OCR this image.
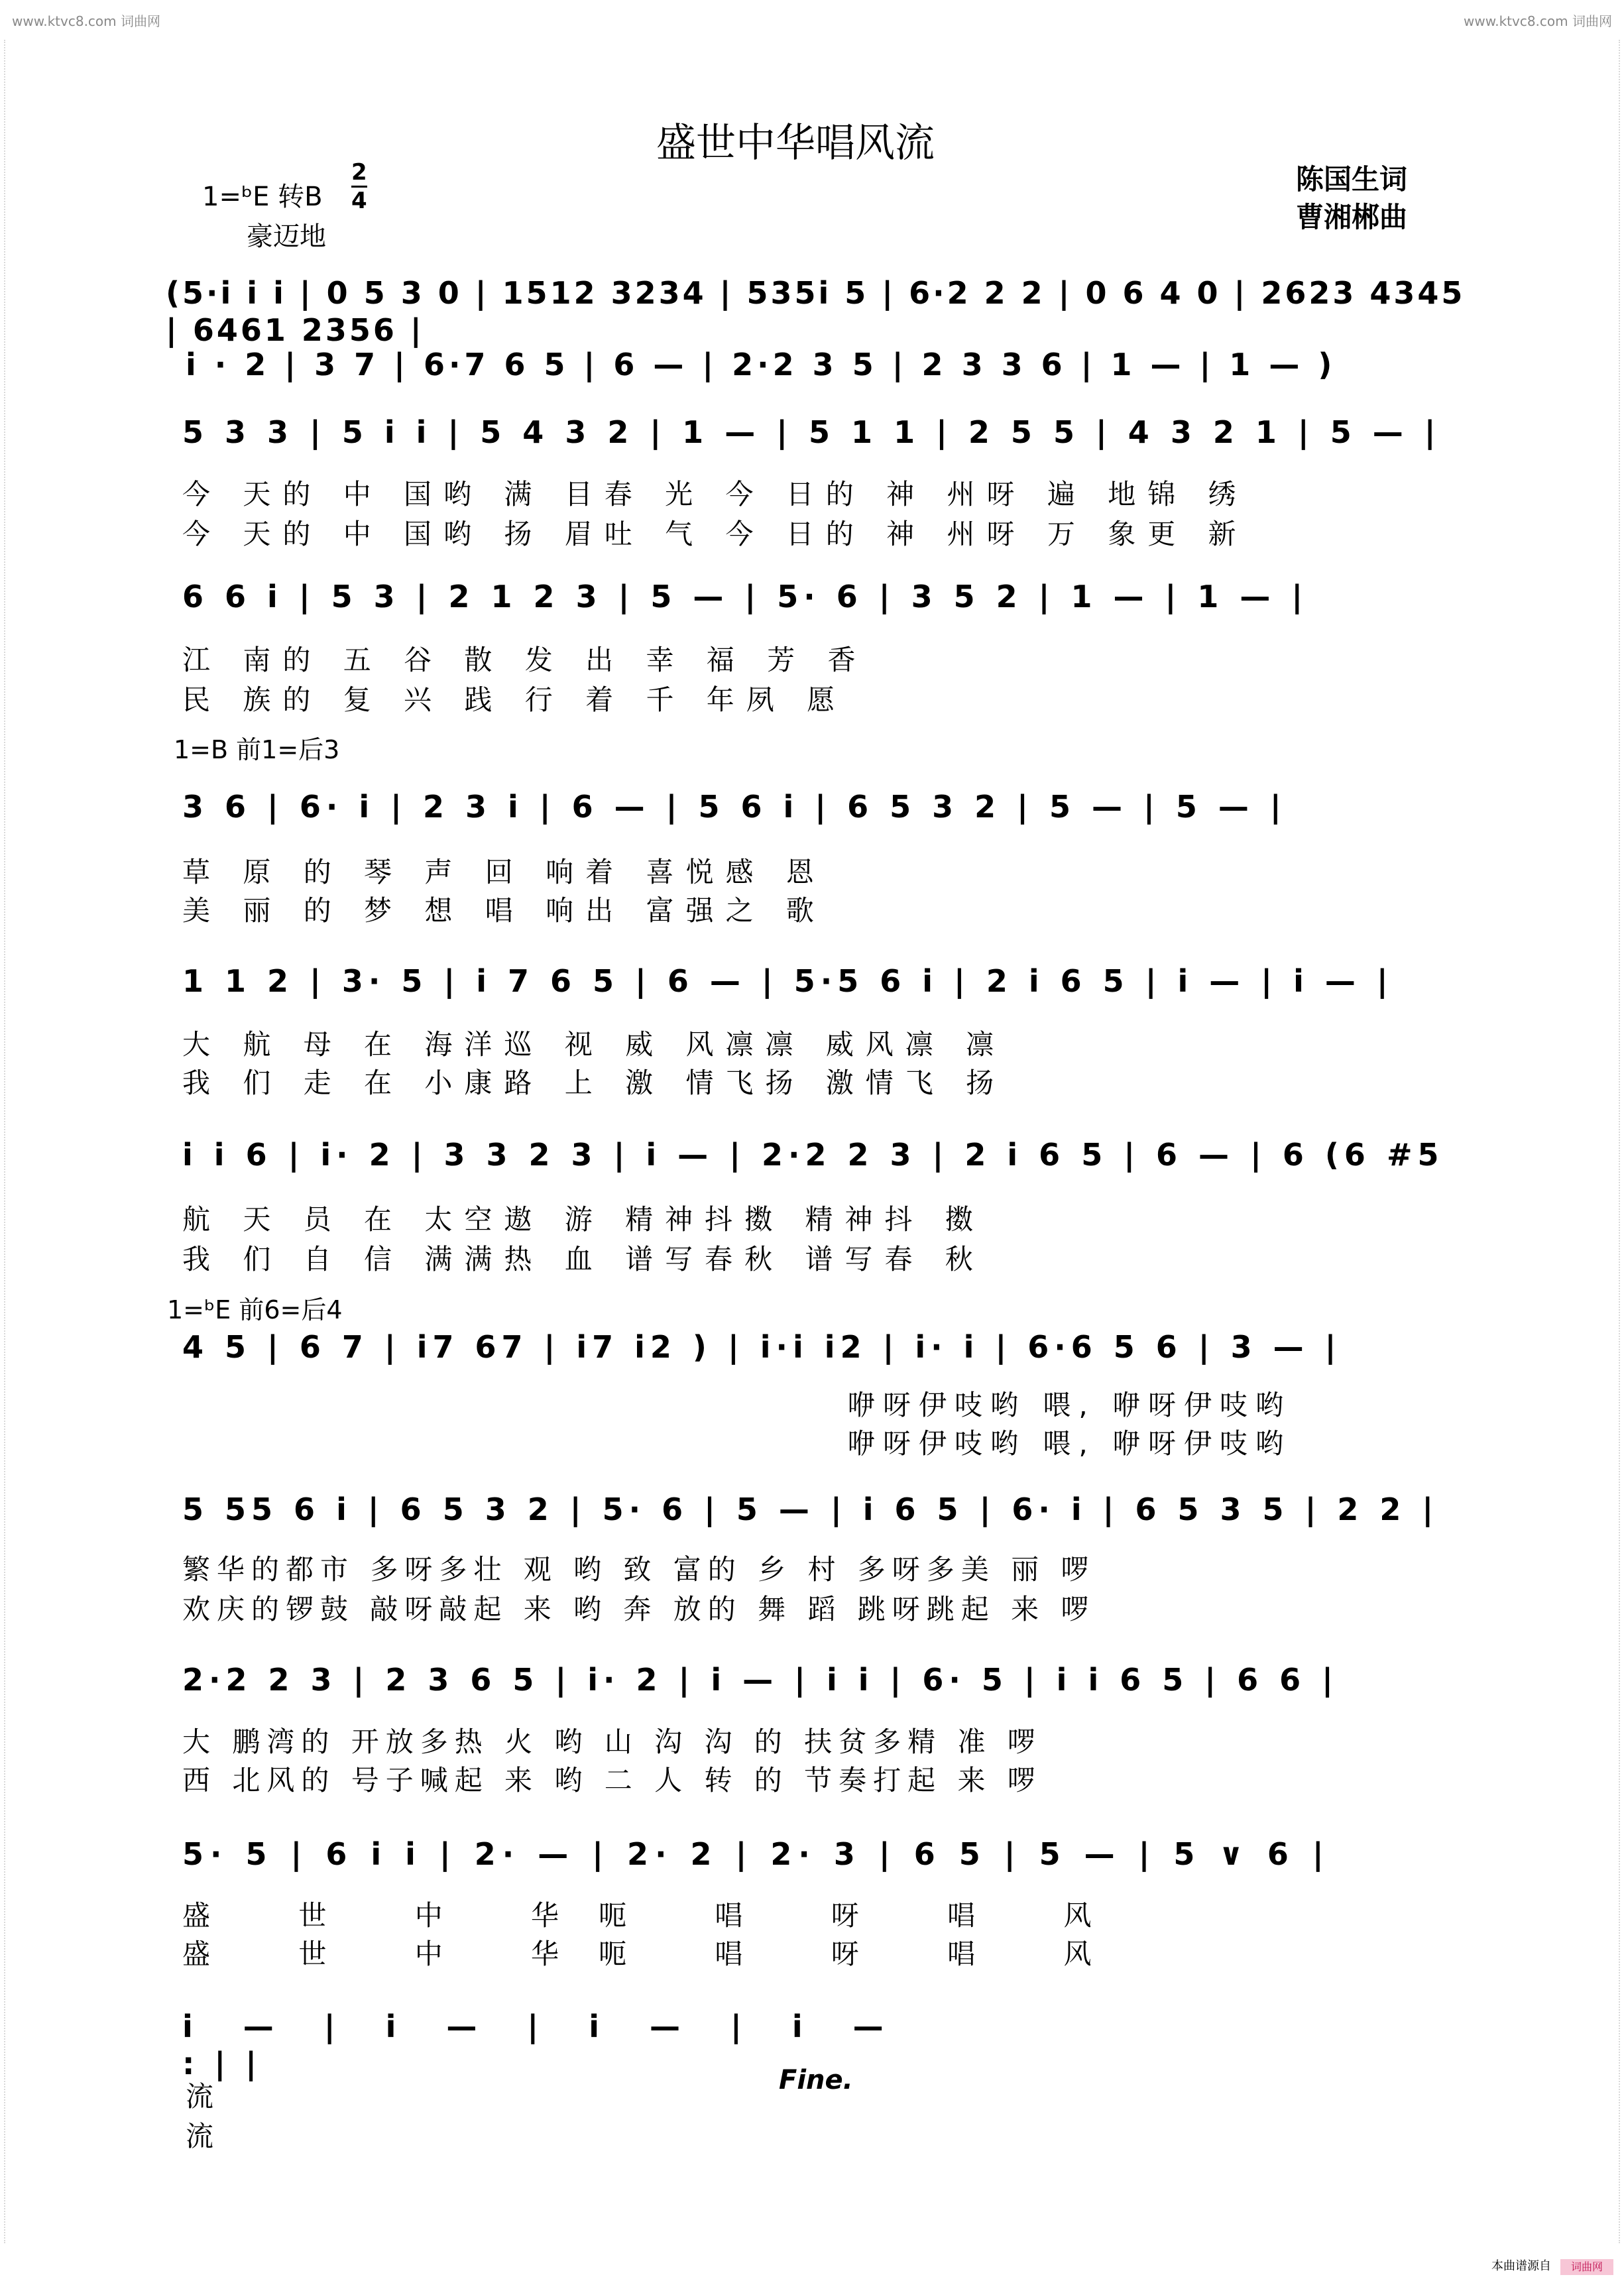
www.ktvc8.com 词曲网	www.ktvc8.com 词曲网
盛世中华唱风流
1=ᵇE 转B
2
4
豪迈地
陈国生词
曹湘郴曲
(5·i i i | 0 5 3 0 | 1512 3234 | 535i 5 | 6·2 2 2 | 0 6 4 0 | 2623 4345 | 6461 2356 |
i · 2 | 3 7 | 6·7 6 5 | 6 — | 2·2 3 5 | 2 3 3 6 | 1 — | 1 — )
5 3 3 | 5 i i | 5 4 3 2 | 1 — | 5 1 1 | 2 5 5 | 4 3 2 1 | 5 — |
今 天的 中 国哟 满 目春 光 今 日的 神 州呀 遍 地锦 绣
今 天的 中 国哟 扬 眉吐 气 今 日的 神 州呀 万 象更 新
6 6 i | 5 3 | 2 1 2 3 | 5 — | 5· 6 | 3 5 2 | 1 — | 1 — |
江 南的 五 谷 散 发 出 幸 福 芳 香
民 族的 复 兴 践 行 着 千 年夙 愿
1=B 前1=后3
3 6 | 6· i | 2 3 i | 6 — | 5 6 i | 6 5 3 2 | 5 — | 5 — |
草 原 的 琴 声 回 响着 喜悦感 恩
美 丽 的 梦 想 唱 响出 富强之 歌
1 1 2 | 3· 5 | i 7 6 5 | 6 — | 5·5 6 i | 2 i 6 5 | i — | i — |
大 航 母 在 海洋巡 视 威 风凛凛 威风凛 凛
我 们 走 在 小康路 上 激 情飞扬 激情飞 扬
i i 6 | i· 2 | 3 3 2 3 | i — | 2·2 2 3 | 2 i 6 5 | 6 — | 6 (6 #5
航 天 员 在 太空遨 游 精神抖擞 精神抖 擞
我 们 自 信 满满热 血 谱写春秋 谱写春 秋
1=ᵇE 前6=后4
4 5 | 6 7 | i7 67 | i7 i2 ) | i·i i2 | i· i | 6·6 5 6 | 3 — |
咿呀伊吱哟 喂, 咿呀伊吱哟
咿呀伊吱哟 喂, 咿呀伊吱哟
5 55 6 i | 6 5 3 2 | 5· 6 | 5 — | i 6 5 | 6· i | 6 5 3 5 | 2 2 |
繁华的都市 多呀多壮 观 哟 致 富的 乡 村 多呀多美 丽 啰
欢庆的锣鼓 敲呀敲起 来 哟 奔 放的 舞 蹈 跳呀跳起 来 啰
2·2 2 3 | 2 3 6 5 | i· 2 | i — | i i | 6· 5 | i i 6 5 | 6 6 |
大 鹏湾的 开放多热 火 哟 山 沟 沟 的 扶贫多精 准 啰
西 北风的 号子喊起 来 哟 二 人 转 的 节奏打起 来 啰
5· 5 | 6 i i | 2· — | 2· 2 | 2· 3 | 6 5 | 5 — | 5 ∨ 6 |
盛 世 中 华呃 唱 呀 唱 风
盛 世 中 华呃 唱 呀 唱 风
i — | i — | i — | i — :||
流
流
Fine.
本曲谱源自	词曲网
